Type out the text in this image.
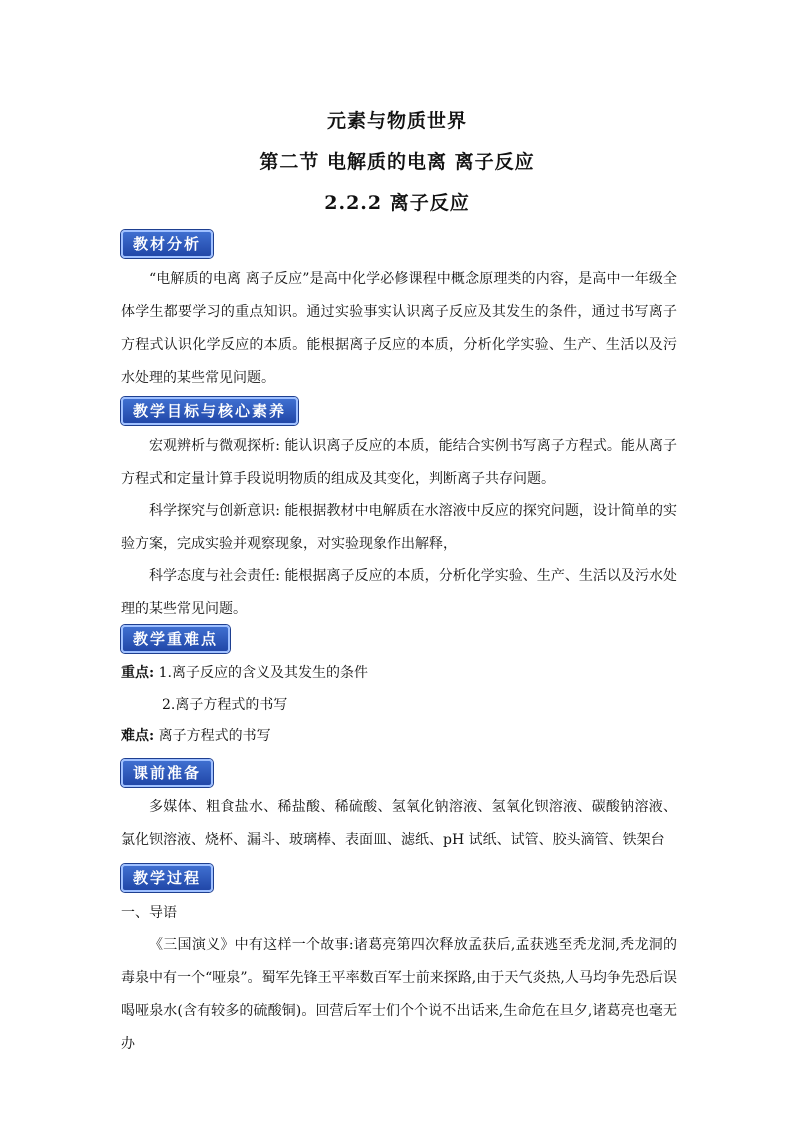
元素与物质世界
第二节 电解质的电离 离子反应
2.2.2 离子反应
教材分析

“电解质的电离 离子反应”是高中化学必修课程中概念原理类的内容，是高中一年级全体学生都要学习的重点知识。通过实验事实认识离子反应及其发生的条件，通过书写离子方程式认识化学反应的本质。能根据离子反应的本质，分析化学实验、生产、生活以及污水处理的某些常见问题。

教学目标与核心素养

宏观辨析与微观探析: 能认识离子反应的本质，能结合实例书写离子方程式。能从离子方程式和定量计算手段说明物质的组成及其变化，判断离子共存问题。

科学探究与创新意识: 能根据教材中电解质在水溶液中反应的探究问题，设计简单的实验方案，完成实验并观察现象，对实验现象作出解释，

科学态度与社会责任: 能根据离子反应的本质，分析化学实验、生产、生活以及污水处理的某些常见问题。

教学重难点

重点: 1.离子反应的含义及其发生的条件

2.离子方程式的书写

难点: 离子方程式的书写

课前准备

多媒体、粗食盐水、稀盐酸、稀硫酸、氢氧化钠溶液、氢氧化钡溶液、碳酸钠溶液、氯化钡溶液、烧杯、漏斗、玻璃棒、表面皿、滤纸、pH 试纸、试管、胶头滴管、铁架台

教学过程

一、导语

《三国演义》中有这样一个故事:诸葛亮第四次释放孟获后,孟获逃至秃龙洞,秃龙洞的毒泉中有一个“哑泉”。蜀军先锋王平率数百军士前来探路,由于天气炎热,人马均争先恐后误喝哑泉水(含有较多的硫酸铜)。回营后军士们个个说不出话来,生命危在旦夕,诸葛亮也毫无办
